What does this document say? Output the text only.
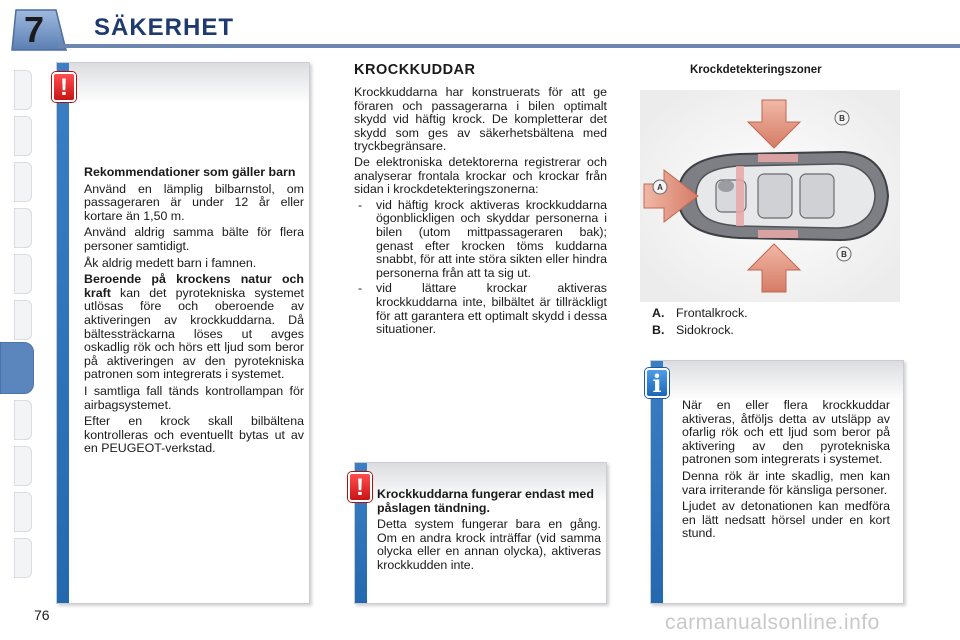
7 SÄKERHET
!
Rekommendationer som gäller barn

Använd en lämplig bilbarnstol, om passageraren är under 12 år eller kortare än 1,50 m.

Använd aldrig samma bälte för flera personer samtidigt.

Åk aldrig medett barn i famnen.

Beroende på krockens natur och kraft kan det pyrotekniska systemet utlösas före och oberoende av aktiveringen av krockkuddarna. Då bältessträckarna löses ut avges oskadlig rök och hörs ett ljud som beror på aktiveringen av den pyrotekniska patronen som integrerats i systemet.

I samtliga fall tänds kontrollampan för airbagsystemet.

Efter en krock skall bilbältena kontrolleras och eventuellt bytas ut av en PEUGEOT-verkstad.

KROCKKUDDAR

Krockkuddarna har konstruerats för att ge föraren och passagerarna i bilen optimalt skydd vid häftig krock. De kompletterar det skydd som ges av säkerhetsbältena med tryckbegränsare.

De elektroniska detektorerna registrerar och analyserar frontala krockar och krockar från sidan i krockdetekteringszonerna:

- vid häftig krock aktiveras krockkuddarna ögonblickligen och skyddar personerna i bilen (utom mittpassageraren bak); genast efter krocken töms kuddarna snabbt, för att inte störa sikten eller hindra personerna från att ta sig ut.
- vid lättare krockar aktiveras krockkuddarna inte, bilbältet är tillräckligt för att garantera ett optimalt skydd i dessa situationer.
!	Krockkuddarna fungerar endast med påslagen tändning.

Detta system fungerar bara en gång. Om en andra krock inträffar (vid samma olycka eller en annan olycka), aktiveras krockkudden inte.

Krockdetekteringszoner
A
B
B
A. Frontalkrock.
B. Sidokrock.
i

När en eller flera krockkuddar aktiveras, åtföljs detta av utsläpp av ofarlig rök och ett ljud som beror på aktivering av den pyrotekniska patronen som integrerats i systemet.

Denna rök är inte skadlig, men kan vara irriterande för känsliga personer.

Ljudet av detonationen kan medföra en lätt nedsatt hörsel under en kort stund.

76	carmanualsonline.info
